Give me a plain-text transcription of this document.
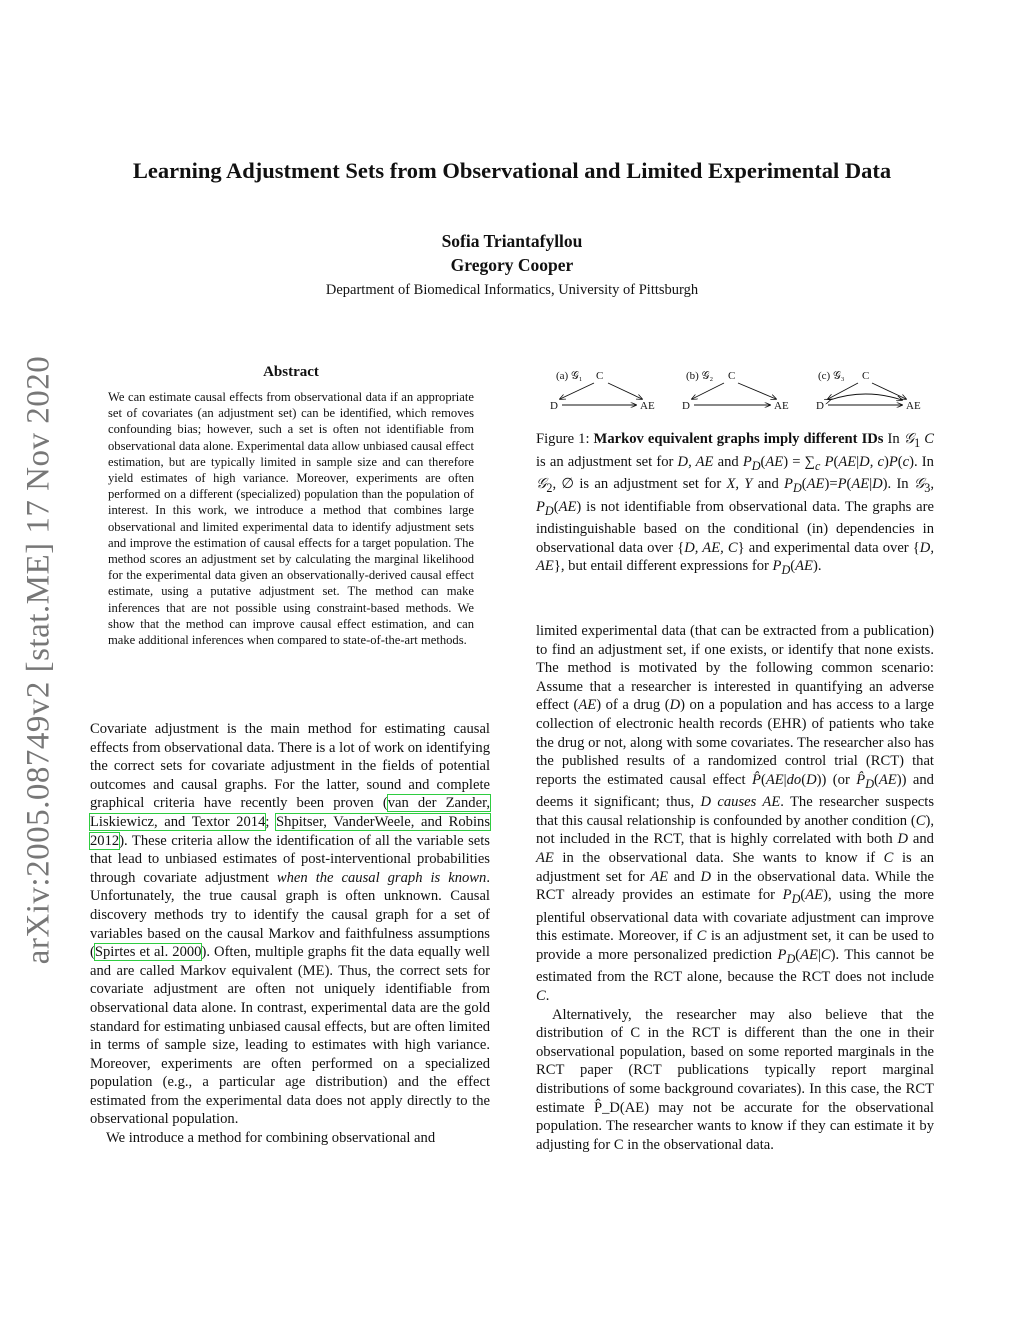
arXiv:2005.08749v2 [stat.ME] 17 Nov 2020
Learning Adjustment Sets from Observational and Limited Experimental Data
Sofia Triantafyllou
Gregory Cooper
Department of Biomedical Informatics, University of Pittsburgh
Abstract
We can estimate causal effects from observational data if an appropriate set of covariates (an adjustment set) can be identified, which removes confounding bias; however, such a set is often not identifiable from observational data alone. Experimental data allow unbiased causal effect estimation, but are typically limited in sample size and can therefore yield estimates of high variance. Moreover, experiments are often performed on a different (specialized) population than the population of interest. In this work, we introduce a method that combines large observational and limited experimental data to identify adjustment sets and improve the estimation of causal effects for a target population. The method scores an adjustment set by calculating the marginal likelihood for the experimental data given an observationally-derived causal effect estimate, using a putative adjustment set. The method can make inferences that are not possible using constraint-based methods. We show that the method can improve causal effect estimation, and can make additional inferences when compared to state-of-the-art methods.
(a) 𝒢₁ C
D	AE
(b) 𝒢₂ C
D	AE
(c) 𝒢₃ C
D	AE
Figure 1: Markov equivalent graphs imply different IDs In 𝒢$_1$ C is an adjustment set for D, AE and $P_D(AE) = \sum_c$ P(AE|D, c)P(c). In 𝒢$_2$, ∅ is an adjustment set for X, Y and $P_D(AE)=P(AE|D)$. In 𝒢$_3$, $P_D(AE)$ is not identifiable from observational data. The graphs are indistinguishable based on the conditional (in) dependencies in observational data over {D, AE, C} and experimental data over {D, AE}, but entail different expressions for $P_D(AE)$.

Covariate adjustment is the main method for estimating causal effects from observational data. There is a lot of work on identifying the correct sets for covariate adjustment in the fields of potential outcomes and causal graphs. For the latter, sound and complete graphical criteria have recently been proven (van der Zander, Liskiewicz, and Textor 2014; Shpitser, VanderWeele, and Robins 2012). These criteria allow the identification of all the variable sets that lead to unbiased estimates of post-interventional probabilities through covariate adjustment when the causal graph is known. Unfortunately, the true causal graph is often unknown. Causal discovery methods try to identify the causal graph for a set of variables based on the causal Markov and faithfulness assumptions (Spirtes et al. 2000). Often, multiple graphs fit the data equally well and are called Markov equivalent (ME). Thus, the correct sets for covariate adjustment are often not uniquely identifiable from observational data alone. In contrast, experimental data are the gold standard for estimating unbiased causal effects, but are often limited in terms of sample size, leading to estimates with high variance. Moreover, experiments are often performed on a specialized population (e.g., a particular age distribution) and the effect estimated from the experimental data does not apply directly to the observational population.

We introduce a method for combining observational and

limited experimental data (that can be extracted from a publication) to find an adjustment set, if one exists, or identify that none exists. The method is motivated by the following common scenario: Assume that a researcher is interested in quantifying an adverse effect (AE) of a drug (D) on a population and has access to a large collection of electronic health records (EHR) of patients who take the drug or not, along with some covariates. The researcher also has the published results of a randomized control trial (RCT) that reports the estimated causal effect P̂(AE|do(D)) (or $P̂_D(AE)$) and deems it significant; thus, D causes AE. The researcher suspects that this causal relationship is confounded by another condition (C), not included in the RCT, that is highly correlated with both D and AE in the observational data. She wants to know if C is an adjustment set for AE and D in the observational data. While the RCT already provides an estimate for $P_D(AE)$, using the more plentiful observational data with covariate adjustment can improve this estimate. Moreover, if C is an adjustment set, it can be used to provide a more personalized prediction $P_D(AE|C)$. This cannot be estimated from the RCT alone, because the RCT does not include C.

Alternatively, the researcher may also believe that the distribution of C in the RCT is different than the one in their observational population, based on some reported marginals in the RCT paper (RCT publications typically report marginal distributions of some background covariates). In this case, the RCT estimate P̂_D(AE) may not be accurate for the observational population. The researcher wants to know if they can estimate it by adjusting for C in the observational data.
